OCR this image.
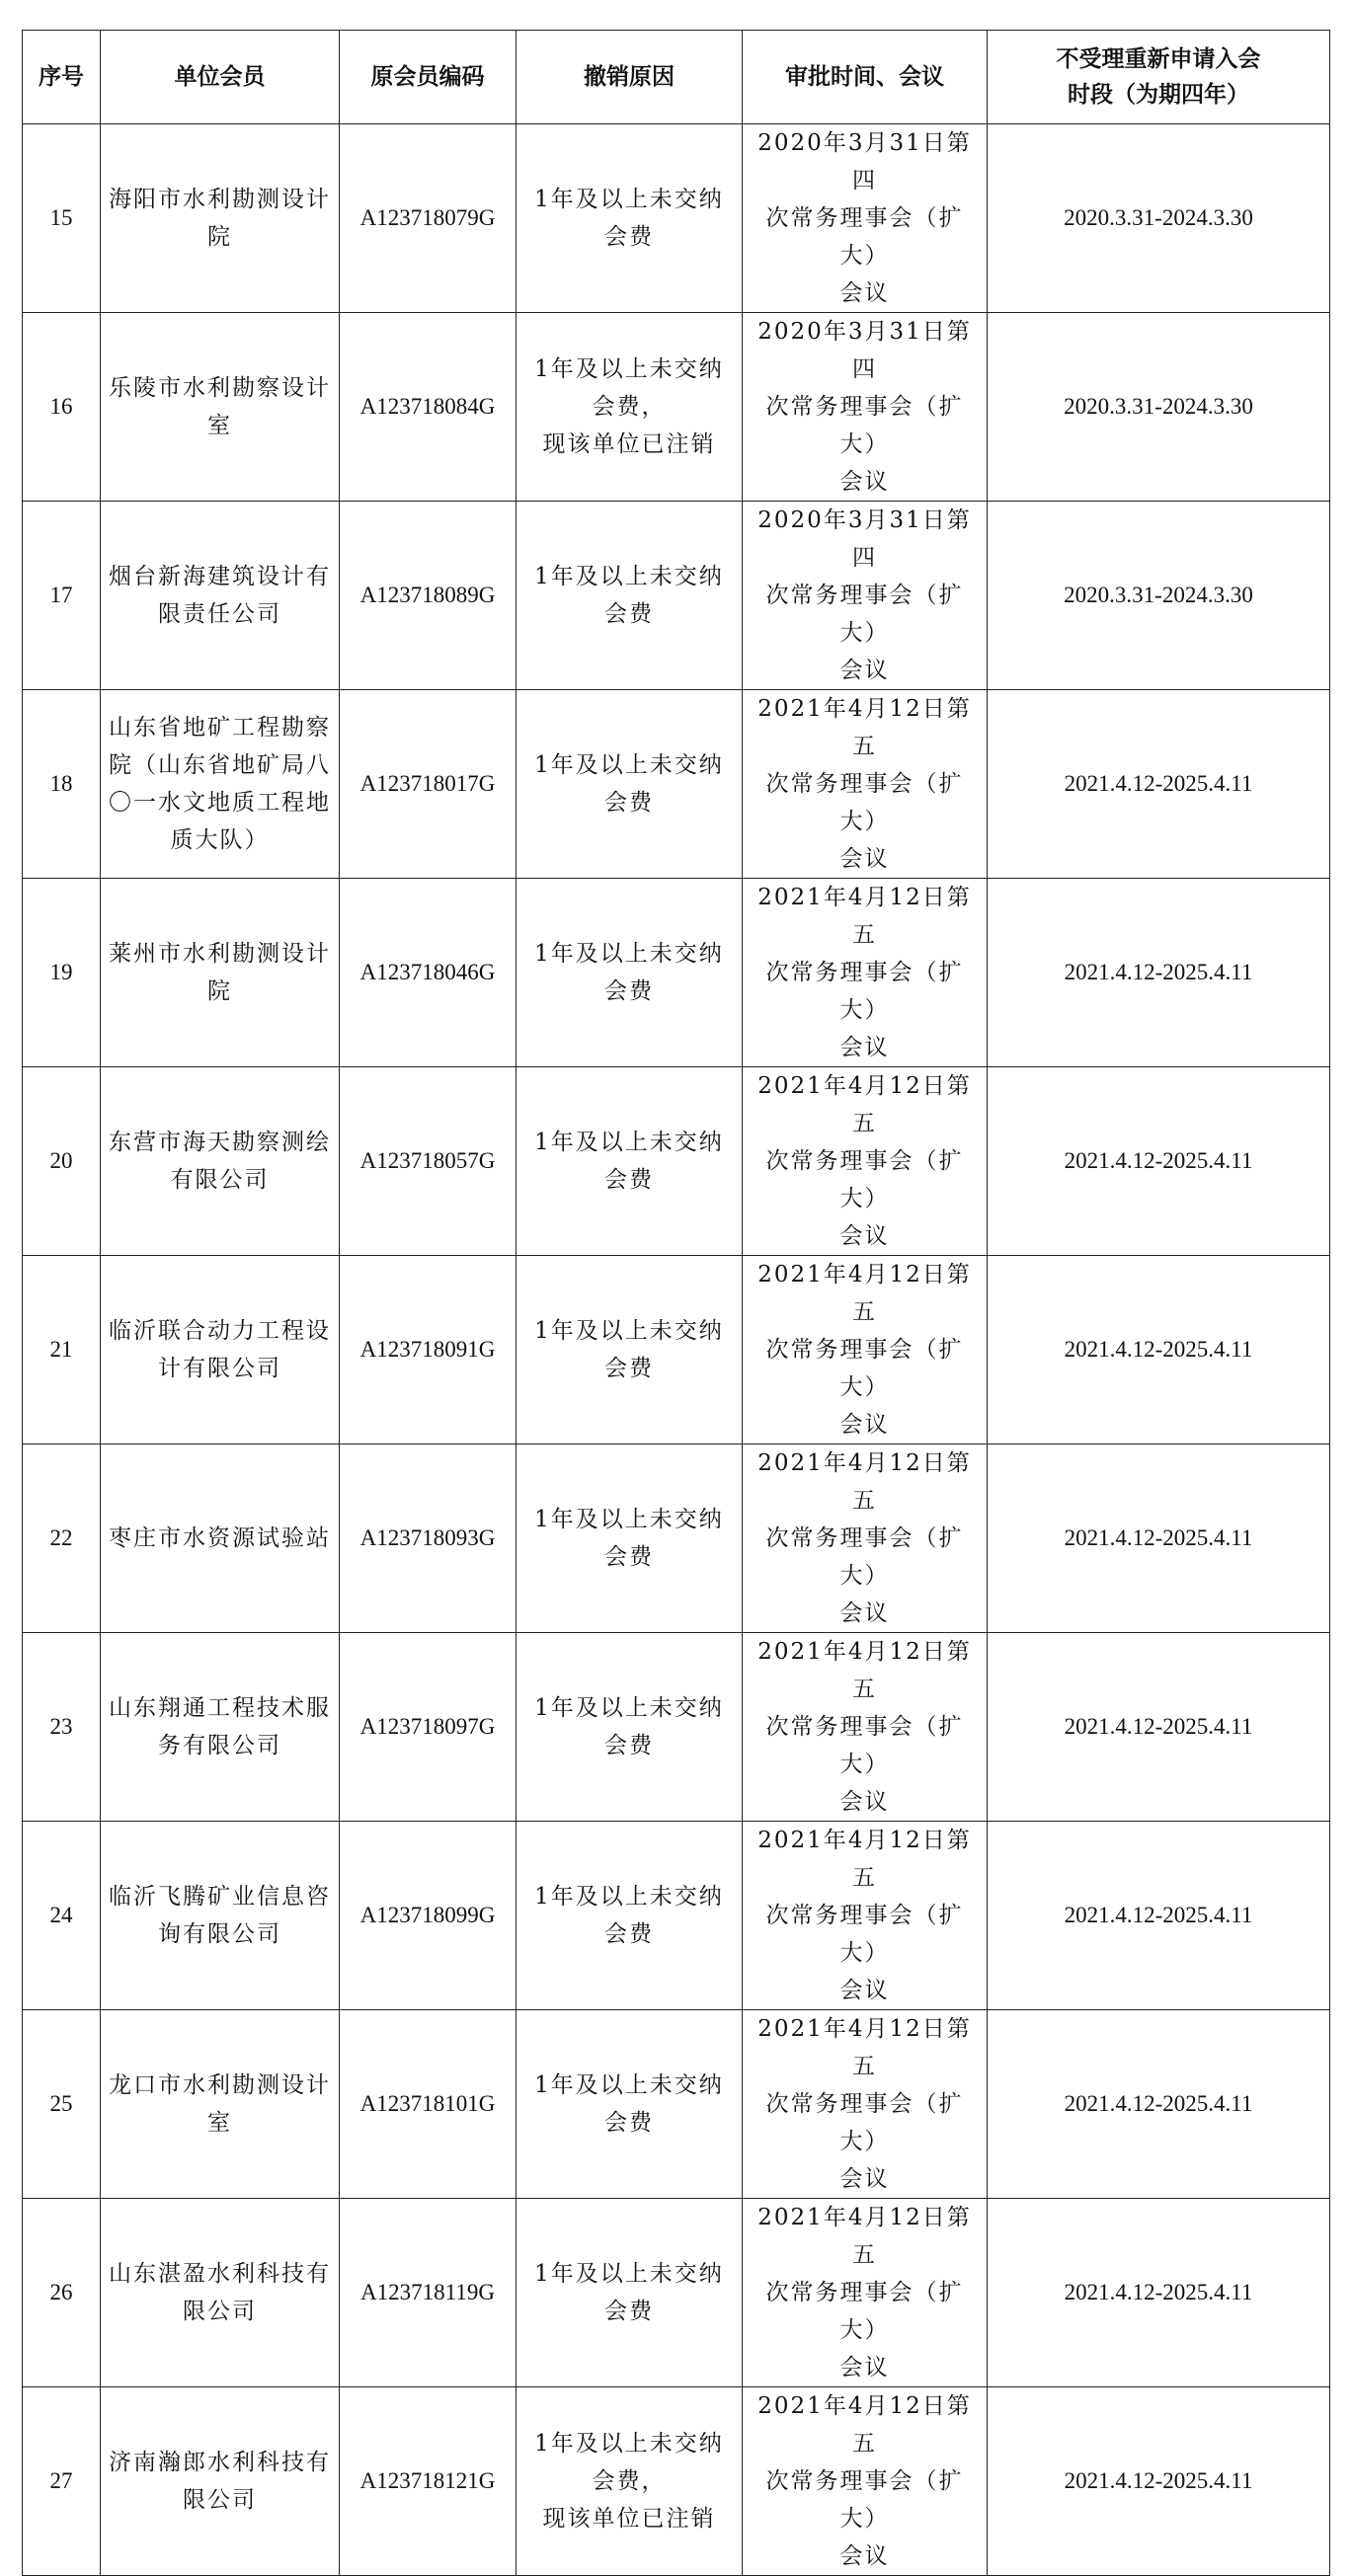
序号	单位会员	原会员编码	撤销原因	审批时间、会议	不受理重新申请入会
时段（为期四年）

15	海阳市水利勘测设计
院	A123718079G	1年及以上未交纳
会费	2020年3月31日第四
次常务理事会（扩大）
会议	2020.3.31-2024.3.30
16	乐陵市水利勘察设计
室	A123718084G	1年及以上未交纳
会费，
现该单位已注销	2020年3月31日第四
次常务理事会（扩大）
会议	2020.3.31-2024.3.30
17	烟台新海建筑设计有
限责任公司	A123718089G	1年及以上未交纳
会费	2020年3月31日第四
次常务理事会（扩大）
会议	2020.3.31-2024.3.30
18	山东省地矿工程勘察
院（山东省地矿局八
〇一水文地质工程地
质大队）	A123718017G	1年及以上未交纳
会费	2021年4月12日第五
次常务理事会（扩大）
会议	2021.4.12-2025.4.11
19	莱州市水利勘测设计
院	A123718046G	1年及以上未交纳
会费	2021年4月12日第五
次常务理事会（扩大）
会议	2021.4.12-2025.4.11
20	东营市海天勘察测绘
有限公司	A123718057G	1年及以上未交纳
会费	2021年4月12日第五
次常务理事会（扩大）
会议	2021.4.12-2025.4.11
21	临沂联合动力工程设
计有限公司	A123718091G	1年及以上未交纳
会费	2021年4月12日第五
次常务理事会（扩大）
会议	2021.4.12-2025.4.11
22	枣庄市水资源试验站	A123718093G	1年及以上未交纳
会费	2021年4月12日第五
次常务理事会（扩大）
会议	2021.4.12-2025.4.11
23	山东翔通工程技术服
务有限公司	A123718097G	1年及以上未交纳
会费	2021年4月12日第五
次常务理事会（扩大）
会议	2021.4.12-2025.4.11
24	临沂飞腾矿业信息咨
询有限公司	A123718099G	1年及以上未交纳
会费	2021年4月12日第五
次常务理事会（扩大）
会议	2021.4.12-2025.4.11
25	龙口市水利勘测设计
室	A123718101G	1年及以上未交纳
会费	2021年4月12日第五
次常务理事会（扩大）
会议	2021.4.12-2025.4.11
26	山东湛盈水利科技有
限公司	A123718119G	1年及以上未交纳
会费	2021年4月12日第五
次常务理事会（扩大）
会议	2021.4.12-2025.4.11
27	济南瀚郎水利科技有
限公司	A123718121G	1年及以上未交纳
会费，
现该单位已注销	2021年4月12日第五
次常务理事会（扩大）
会议	2021.4.12-2025.4.11
